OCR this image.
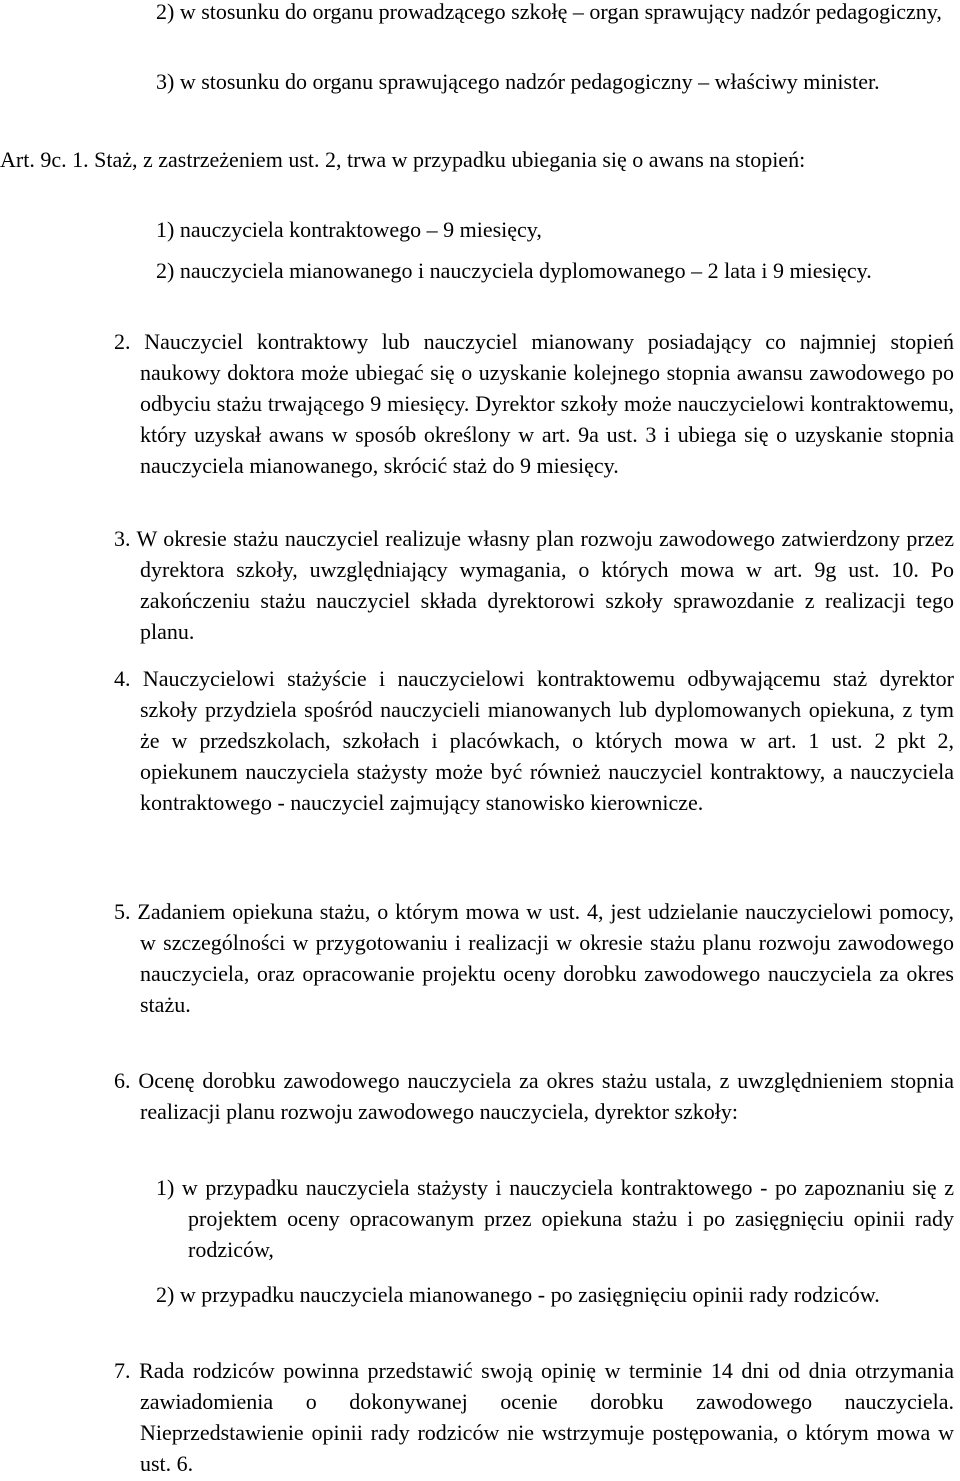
2) w stosunku do organu prowadzącego szkołę – organ sprawujący nadzór pedagogiczny,

3) w stosunku do organu sprawującego nadzór pedagogiczny – właściwy minister.

Art. 9c. 1. Staż, z zastrzeżeniem ust. 2, trwa w przypadku ubiegania się o awans na stopień:

1) nauczyciela kontraktowego – 9 miesięcy,

2) nauczyciela mianowanego i nauczyciela dyplomowanego – 2 lata i 9 miesięcy.

2. Nauczyciel kontraktowy lub nauczyciel mianowany posiadający co najmniej stopień naukowy doktora może ubiegać się o uzyskanie kolejnego stopnia awansu zawodowego po odbyciu stażu trwającego 9 miesięcy. Dyrektor szkoły może nauczycielowi kontraktowemu, który uzyskał awans w sposób określony w art. 9a ust. 3 i ubiega się o uzyskanie stopnia nauczyciela mianowanego, skrócić staż do 9 miesięcy.

3. W okresie stażu nauczyciel realizuje własny plan rozwoju zawodowego zatwierdzony przez dyrektora szkoły, uwzględniający wymagania, o których mowa w art. 9g ust. 10. Po zakończeniu stażu nauczyciel składa dyrektorowi szkoły sprawozdanie z realizacji tego planu.

4. Nauczycielowi stażyście i nauczycielowi kontraktowemu odbywającemu staż dyrektor szkoły przydziela spośród nauczycieli mianowanych lub dyplomowanych opiekuna, z tym że w przedszkolach, szkołach i placówkach, o których mowa w art. 1 ust. 2 pkt 2, opiekunem nauczyciela stażysty może być również nauczyciel kontraktowy, a nauczyciela kontraktowego - nauczyciel zajmujący stanowisko kierownicze.

5. Zadaniem opiekuna stażu, o którym mowa w ust. 4, jest udzielanie nauczycielowi pomocy, w szczególności w przygotowaniu i realizacji w okresie stażu planu rozwoju zawodowego nauczyciela, oraz opracowanie projektu oceny dorobku zawodowego nauczyciela za okres stażu.

6. Ocenę dorobku zawodowego nauczyciela za okres stażu ustala, z uwzględnieniem stopnia realizacji planu rozwoju zawodowego nauczyciela, dyrektor szkoły:

1) w przypadku nauczyciela stażysty i nauczyciela kontraktowego - po zapoznaniu się z projektem oceny opracowanym przez opiekuna stażu i po zasięgnięciu opinii rady rodziców,

2) w przypadku nauczyciela mianowanego - po zasięgnięciu opinii rady rodziców.

7. Rada rodziców powinna przedstawić swoją opinię w terminie 14 dni od dnia otrzymania zawiadomienia o dokonywanej ocenie dorobku zawodowego nauczyciela. Nieprzedstawienie opinii rady rodziców nie wstrzymuje postępowania, o którym mowa w ust. 6.
